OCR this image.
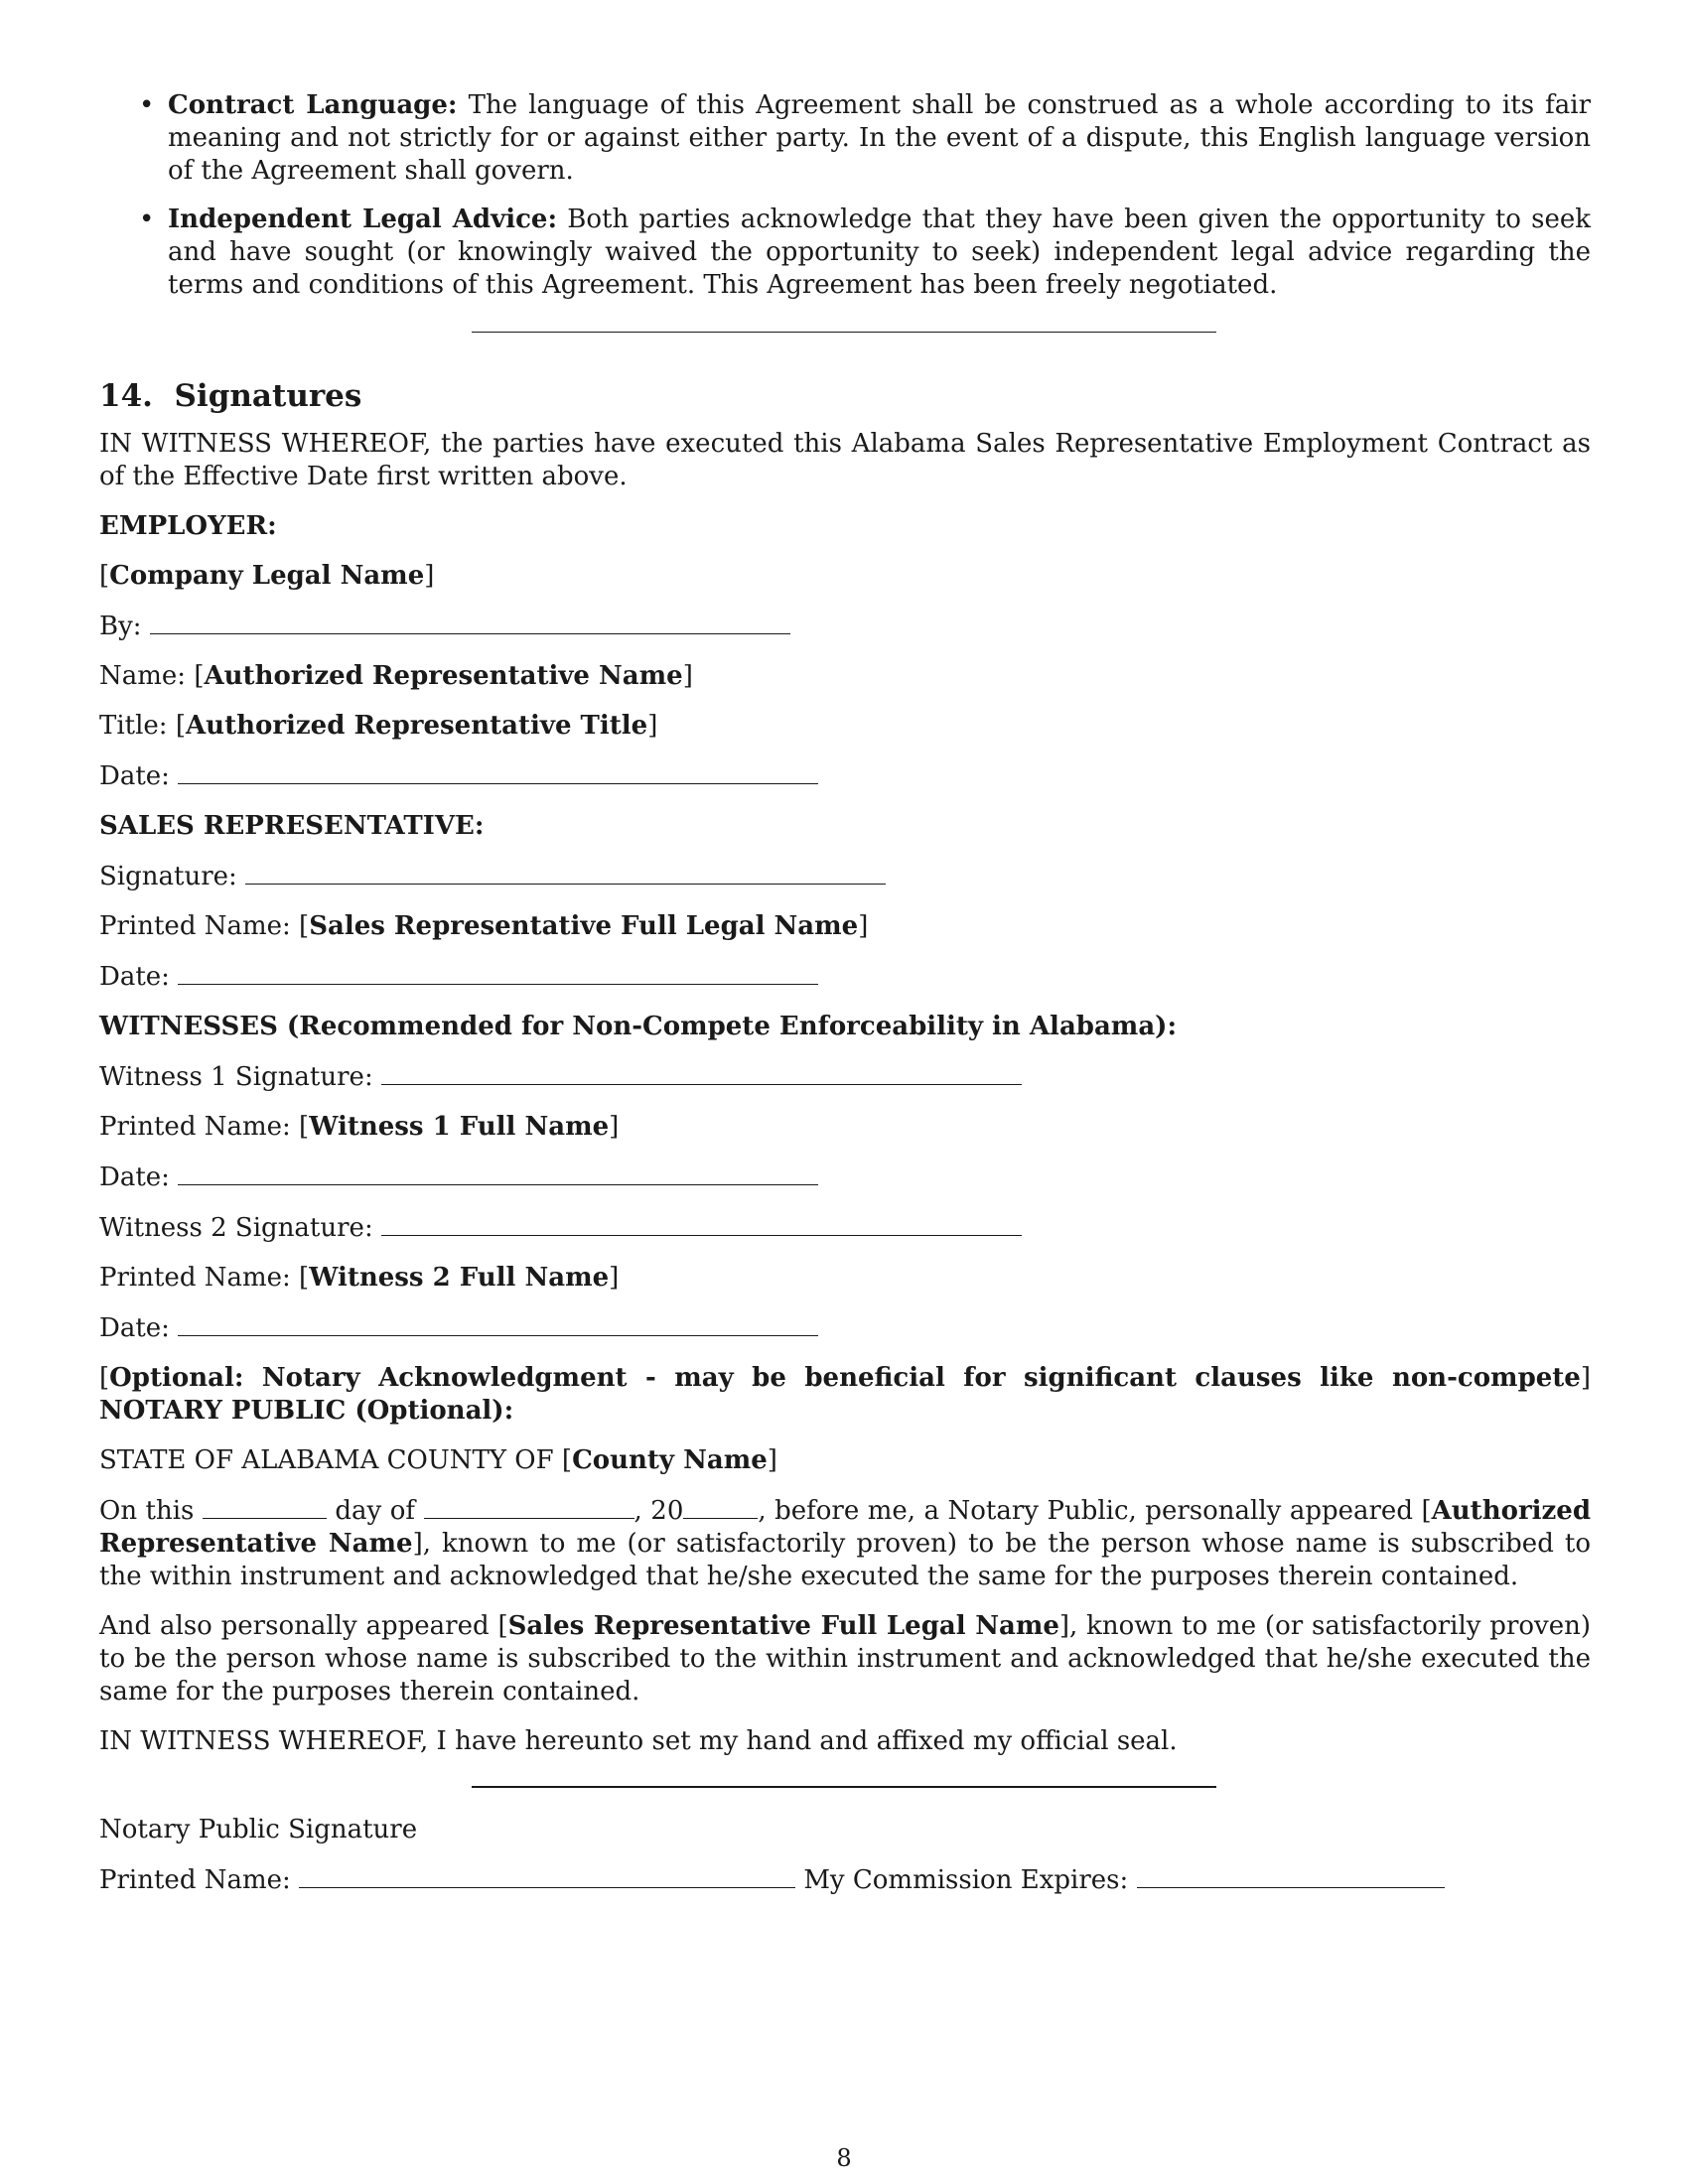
• Contract Language: The language of this Agreement shall be construed as a whole according to its fair meaning and not strictly for or against either party. In the event of a dispute, this English language version of the Agreement shall govern.
• Independent Legal Advice: Both parties acknowledge that they have been given the opportunity to seek and have sought (or knowingly waived the opportunity to seek) independent legal advice regarding the terms and conditions of this Agreement. This Agreement has been freely negotiated.
14. Signatures

IN WITNESS WHEREOF, the parties have executed this Alabama Sales Representative Employment Contract as of the Effective Date first written above.

EMPLOYER:

[Company Legal Name]

By:

Name: [Authorized Representative Name]

Title: [Authorized Representative Title]

Date:

SALES REPRESENTATIVE:

Signature:

Printed Name: [Sales Representative Full Legal Name]

Date:

WITNESSES (Recommended for Non-Compete Enforceability in Alabama):

Witness 1 Signature:

Printed Name: [Witness 1 Full Name]

Date:

Witness 2 Signature:

Printed Name: [Witness 2 Full Name]

Date:

[Optional: Notary Acknowledgment - may be beneficial for significant clauses like non-compete] NOTARY PUBLIC (Optional):

STATE OF ALABAMA COUNTY OF [County Name]

On this	day of	, 20	, before me, a Notary Public, personally appeared [Authorized Representative Name], known to me (or satisfactorily proven) to be the person whose name is subscribed to the within instrument and acknowledged that he/she executed the same for the purposes therein contained.

And also personally appeared [Sales Representative Full Legal Name], known to me (or satisfactorily proven) to be the person whose name is subscribed to the within instrument and acknowledged that he/she executed the same for the purposes therein contained.

IN WITNESS WHEREOF, I have hereunto set my hand and affixed my official seal.

Notary Public Signature

Printed Name:	My Commission Expires:

8
